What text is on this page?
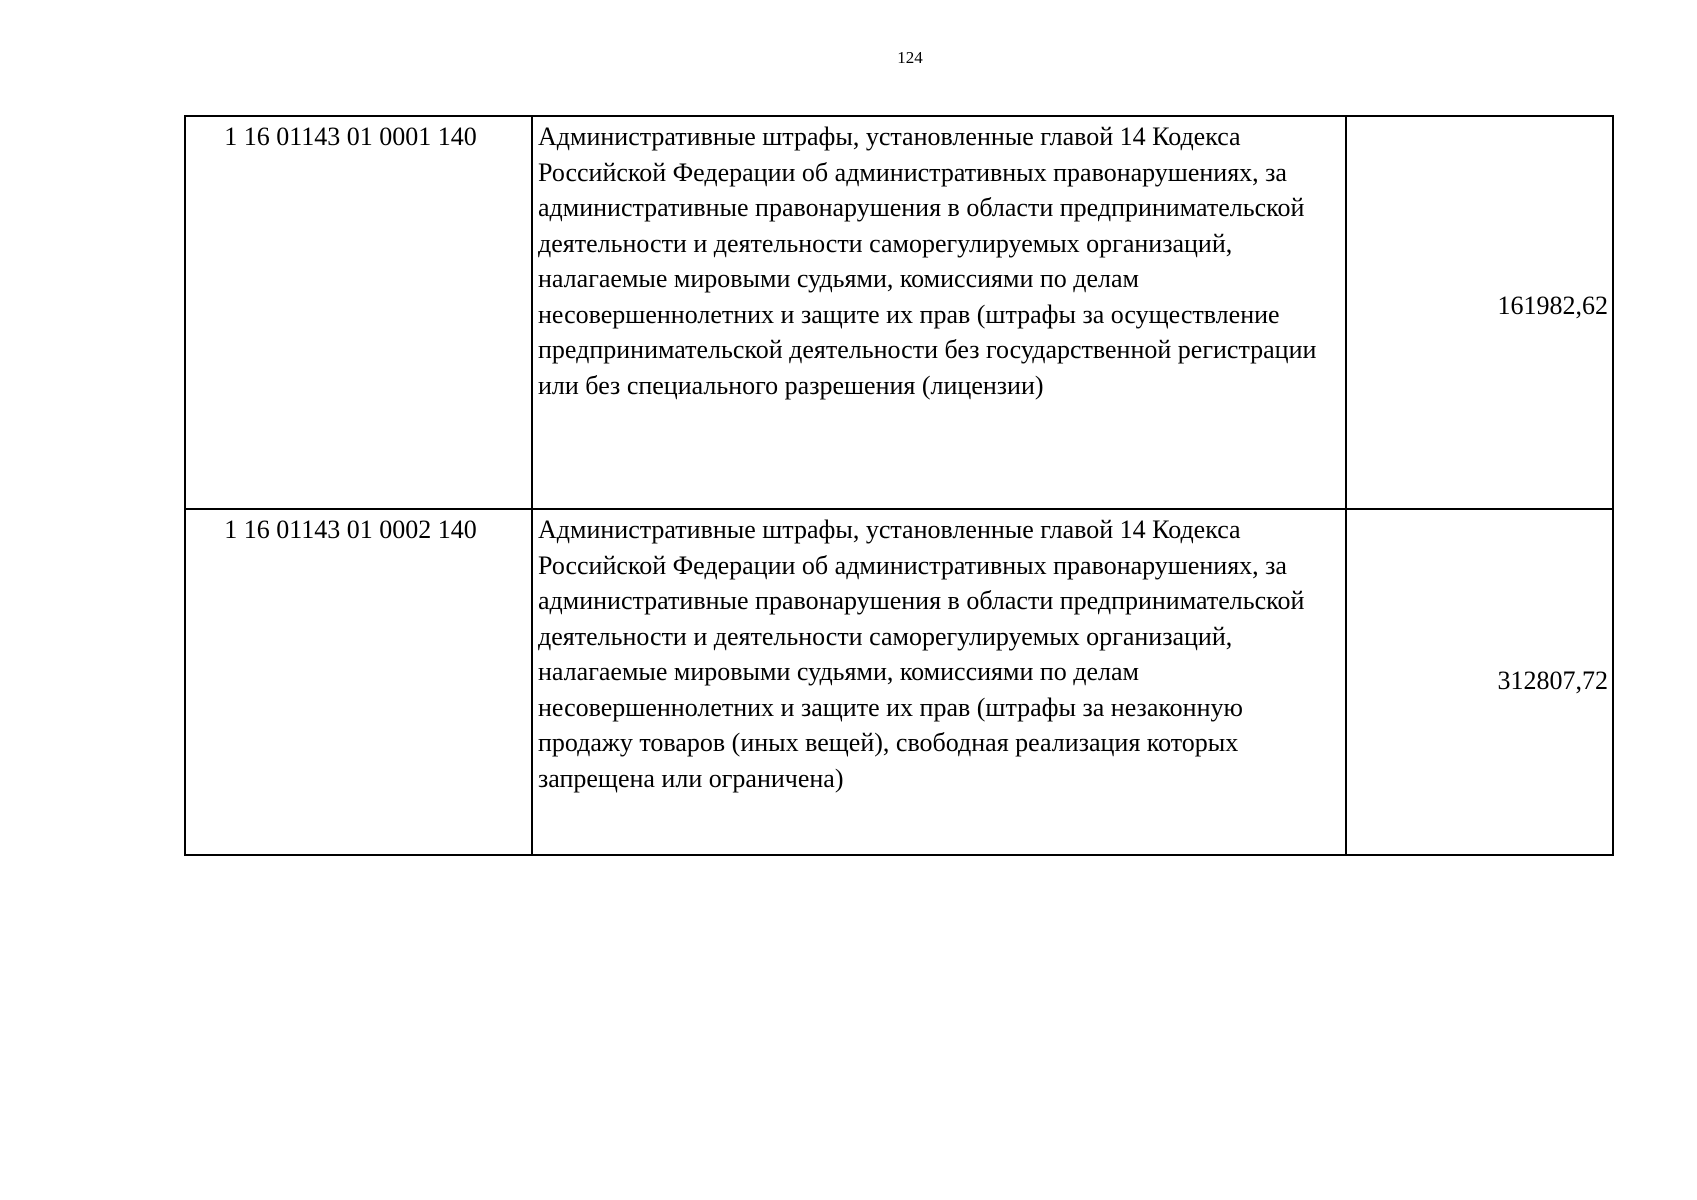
124
1 16 01143 01 0001 140	Административные штрафы, установленные главой 14 Кодекса Российской Федерации об административных правонарушениях, за административные правонарушения в области предпринимательской деятельности и деятельности саморегулируемых организаций, налагаемые мировыми судьями, комиссиями по делам несовершеннолетних и защите их прав (штрафы за осуществление предпринимательской деятельности без государственной регистрации или без специального разрешения (лицензии)	161982,62
1 16 01143 01 0002 140	Административные штрафы, установленные главой 14 Кодекса Российской Федерации об административных правонарушениях, за административные правонарушения в области предпринимательской деятельности и деятельности саморегулируемых организаций, налагаемые мировыми судьями, комиссиями по делам несовершеннолетних и защите их прав (штрафы за незаконную продажу товаров (иных вещей), свободная реализация которых запрещена или ограничена)	312807,72
